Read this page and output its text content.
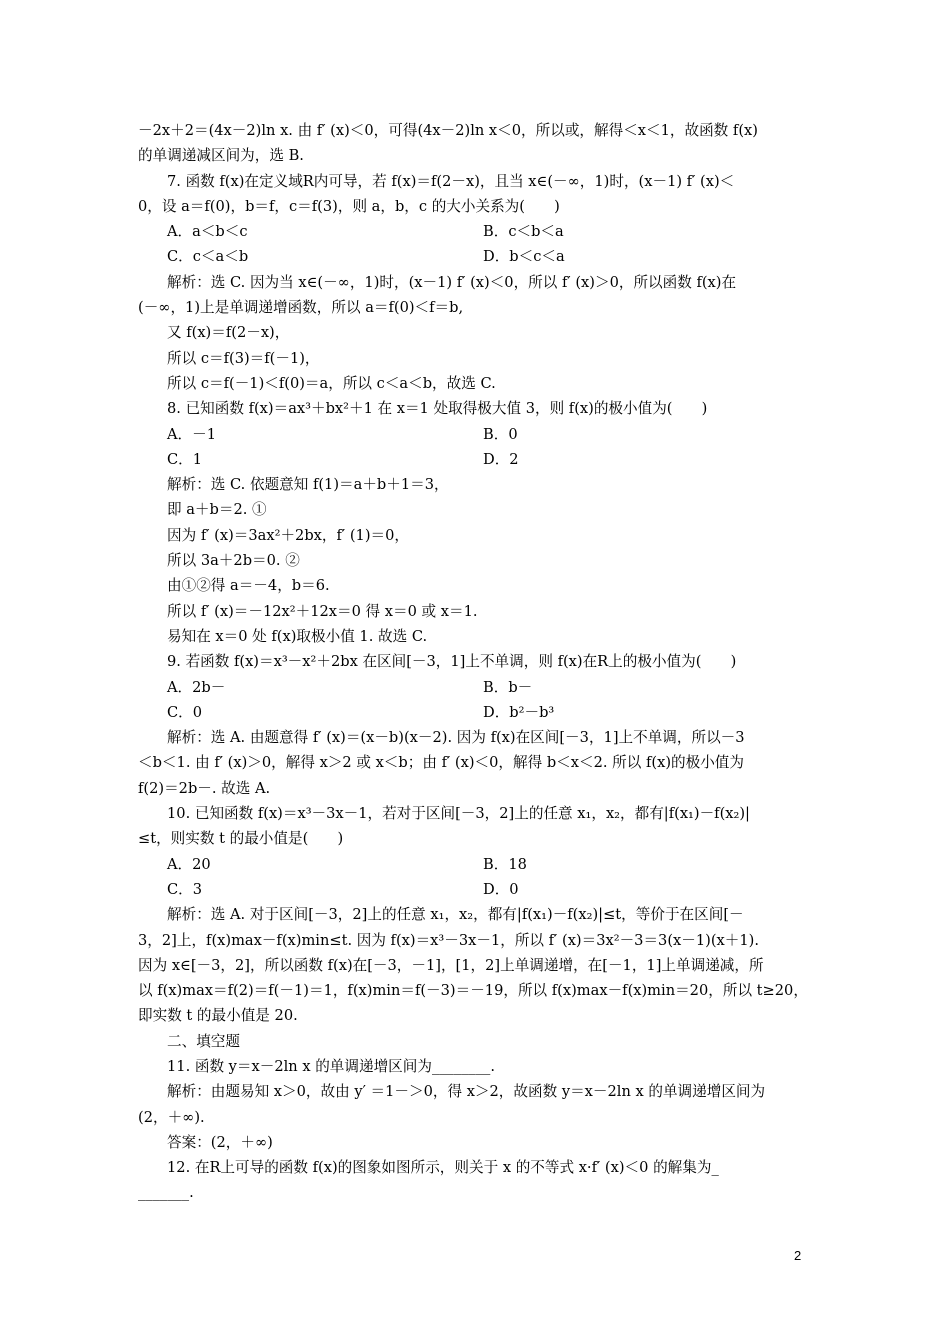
－2x＋2＝(4x－2)ln x. 由 f′ (x)＜0，可得(4x－2)ln x＜0，所以或，解得＜x＜1，故函数 f(x)
的单调递减区间为，选 B.
7. 函数 f(x)在定义域R内可导，若 f(x)＝f(2－x)，且当 x∈(－∞，1)时，(x－1) f′ (x)＜
0，设 a＝f(0)，b＝f，c＝f(3)，则 a，b，c 的大小关系为(　　)
A．a＜b＜c	B．c＜b＜a
C．c＜a＜b	D．b＜c＜a
解析：选 C. 因为当 x∈(－∞，1)时，(x－1) f′ (x)＜0，所以 f′ (x)＞0，所以函数 f(x)在
(－∞，1)上是单调递增函数，所以 a＝f(0)＜f＝b,
又 f(x)＝f(2－x)，
所以 c＝f(3)＝f(－1)，
所以 c＝f(－1)＜f(0)＝a，所以 c＜a＜b，故选 C.
8. 已知函数 f(x)＝ax³＋bx²＋1 在 x＝1 处取得极大值 3，则 f(x)的极小值为(　　)
A．－1	B．0
C．1	D．2
解析：选 C. 依题意知 f(1)＝a＋b＋1＝3，
即 a＋b＝2. ①
因为 f′ (x)＝3ax²＋2bx，f′ (1)＝0，
所以 3a＋2b＝0. ②
由①②得 a＝－4，b＝6.
所以 f′ (x)＝－12x²＋12x＝0 得 x＝0 或 x＝1.
易知在 x＝0 处 f(x)取极小值 1. 故选 C.
9. 若函数 f(x)＝x³－x²＋2bx 在区间[－3，1]上不单调，则 f(x)在R上的极小值为(　　)
A．2b－	B．b－
C．0	D．b²－b³
解析：选 A. 由题意得 f′ (x)＝(x－b)(x－2). 因为 f(x)在区间[－3，1]上不单调，所以－3
＜b＜1. 由 f′ (x)＞0，解得 x＞2 或 x＜b；由 f′ (x)＜0，解得 b＜x＜2. 所以 f(x)的极小值为
f(2)＝2b－. 故选 A.
10. 已知函数 f(x)＝x³－3x－1，若对于区间[－3，2]上的任意 x₁，x₂，都有|f(x₁)－f(x₂)|
≤t，则实数 t 的最小值是(　　)
A．20	B．18
C．3	D．0
解析：选 A. 对于区间[－3，2]上的任意 x₁，x₂，都有|f(x₁)－f(x₂)|≤t，等价于在区间[－
3，2]上，f(x)max－f(x)min≤t. 因为 f(x)＝x³－3x－1，所以 f′ (x)＝3x²－3＝3(x－1)(x＋1).
因为 x∈[－3，2]，所以函数 f(x)在[－3，－1]，[1，2]上单调递增，在[－1，1]上单调递减，所
以 f(x)max＝f(2)＝f(－1)＝1，f(x)min＝f(－3)＝－19，所以 f(x)max－f(x)min＝20，所以 t≥20，
即实数 t 的最小值是 20.
二、填空题
11. 函数 y＝x－2ln x 的单调递增区间为________.
解析：由题易知 x＞0，故由 y′ ＝1－＞0，得 x＞2，故函数 y＝x－2ln x 的单调递增区间为
(2，＋∞).
答案：(2，＋∞)
12. 在R上可导的函数 f(x)的图象如图所示，则关于 x 的不等式 x·f′ (x)＜0 的解集为_
_______.
2
